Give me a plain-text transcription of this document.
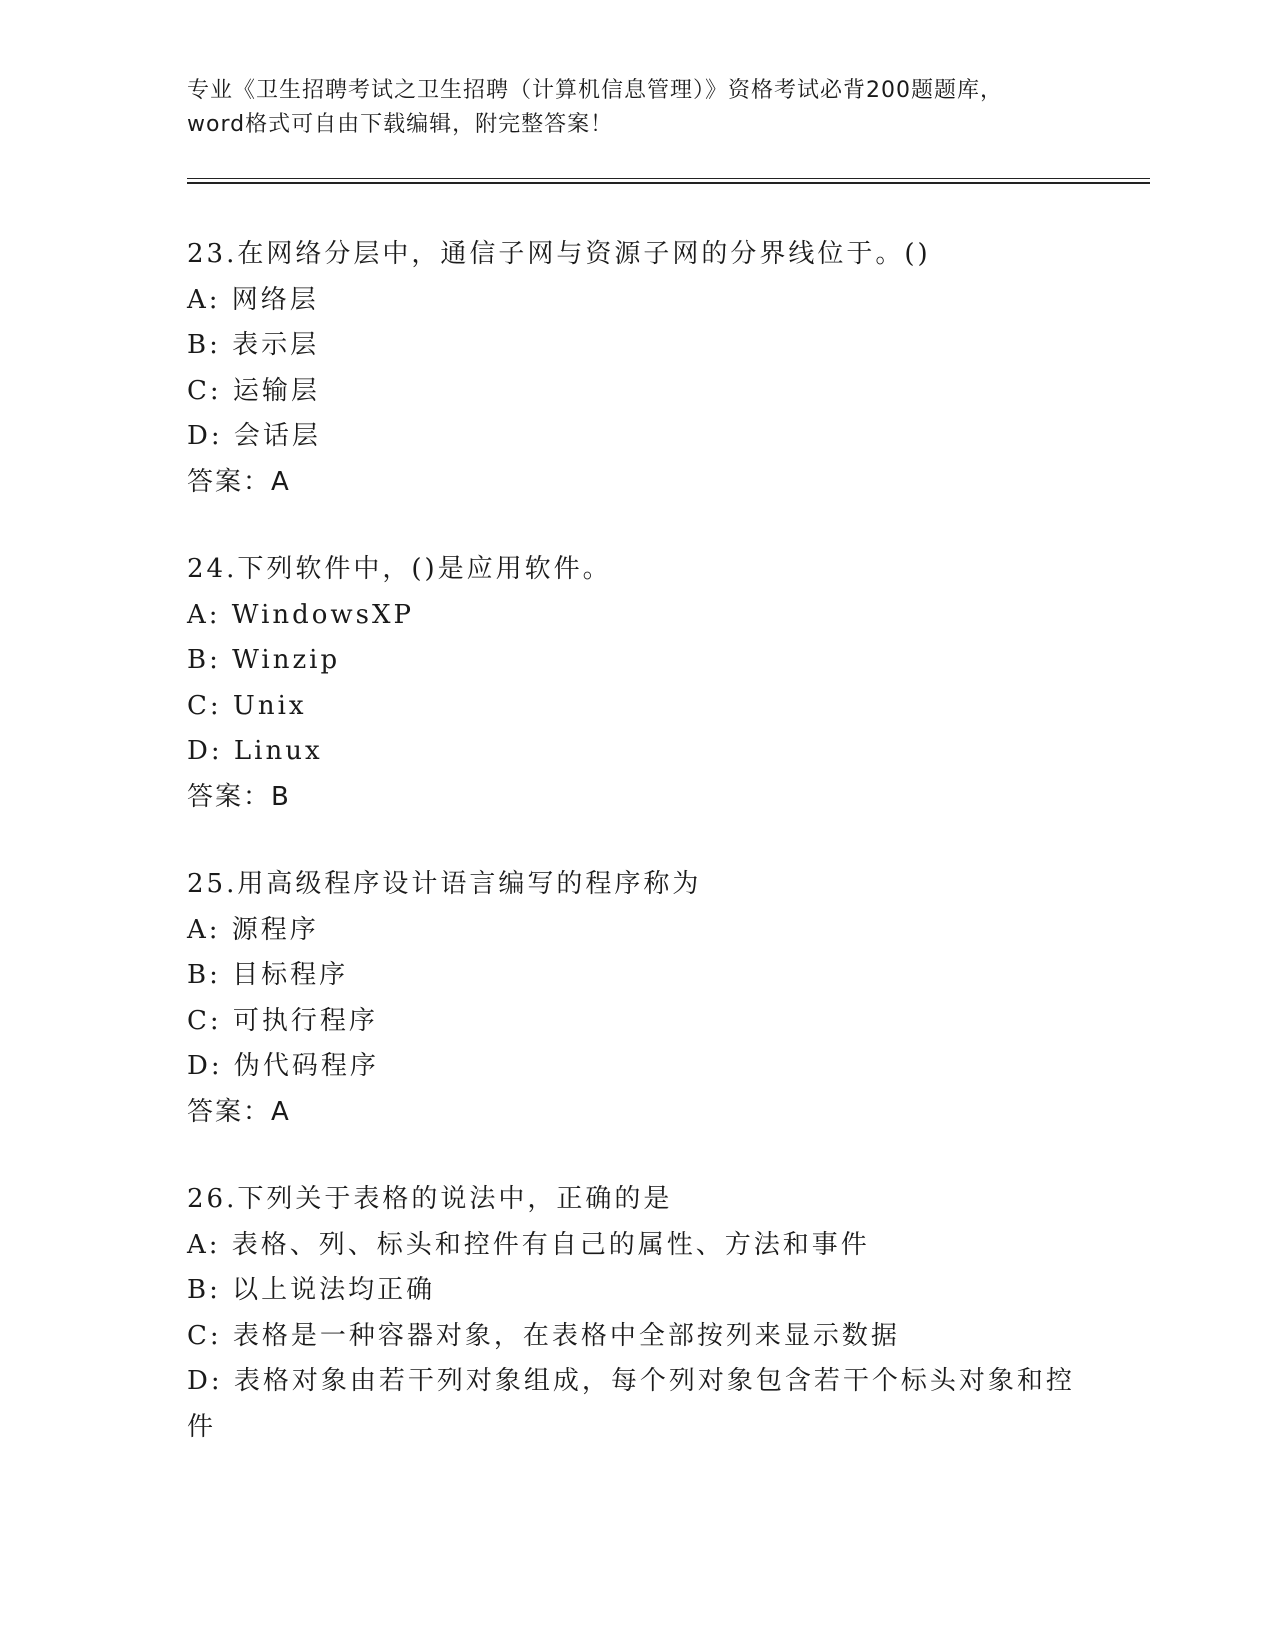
专业《卫生招聘考试之卫生招聘（计算机信息管理）》资格考试必背200题题库，
word格式可自由下载编辑，附完整答案！
23.在网络分层中，通信子网与资源子网的分界线位于。()
A: 网络层
B: 表示层
C: 运输层
D: 会话层
答案：A
24.下列软件中，()是应用软件。
A: WindowsXP
B: Winzip
C: Unix
D: Linux
答案：B
25.用高级程序设计语言编写的程序称为
A: 源程序
B: 目标程序
C: 可执行程序
D: 伪代码程序
答案：A
26.下列关于表格的说法中，正确的是
A: 表格、列、标头和控件有自己的属性、方法和事件
B: 以上说法均正确
C: 表格是一种容器对象，在表格中全部按列来显示数据
D: 表格对象由若干列对象组成，每个列对象包含若干个标头对象和控
件
